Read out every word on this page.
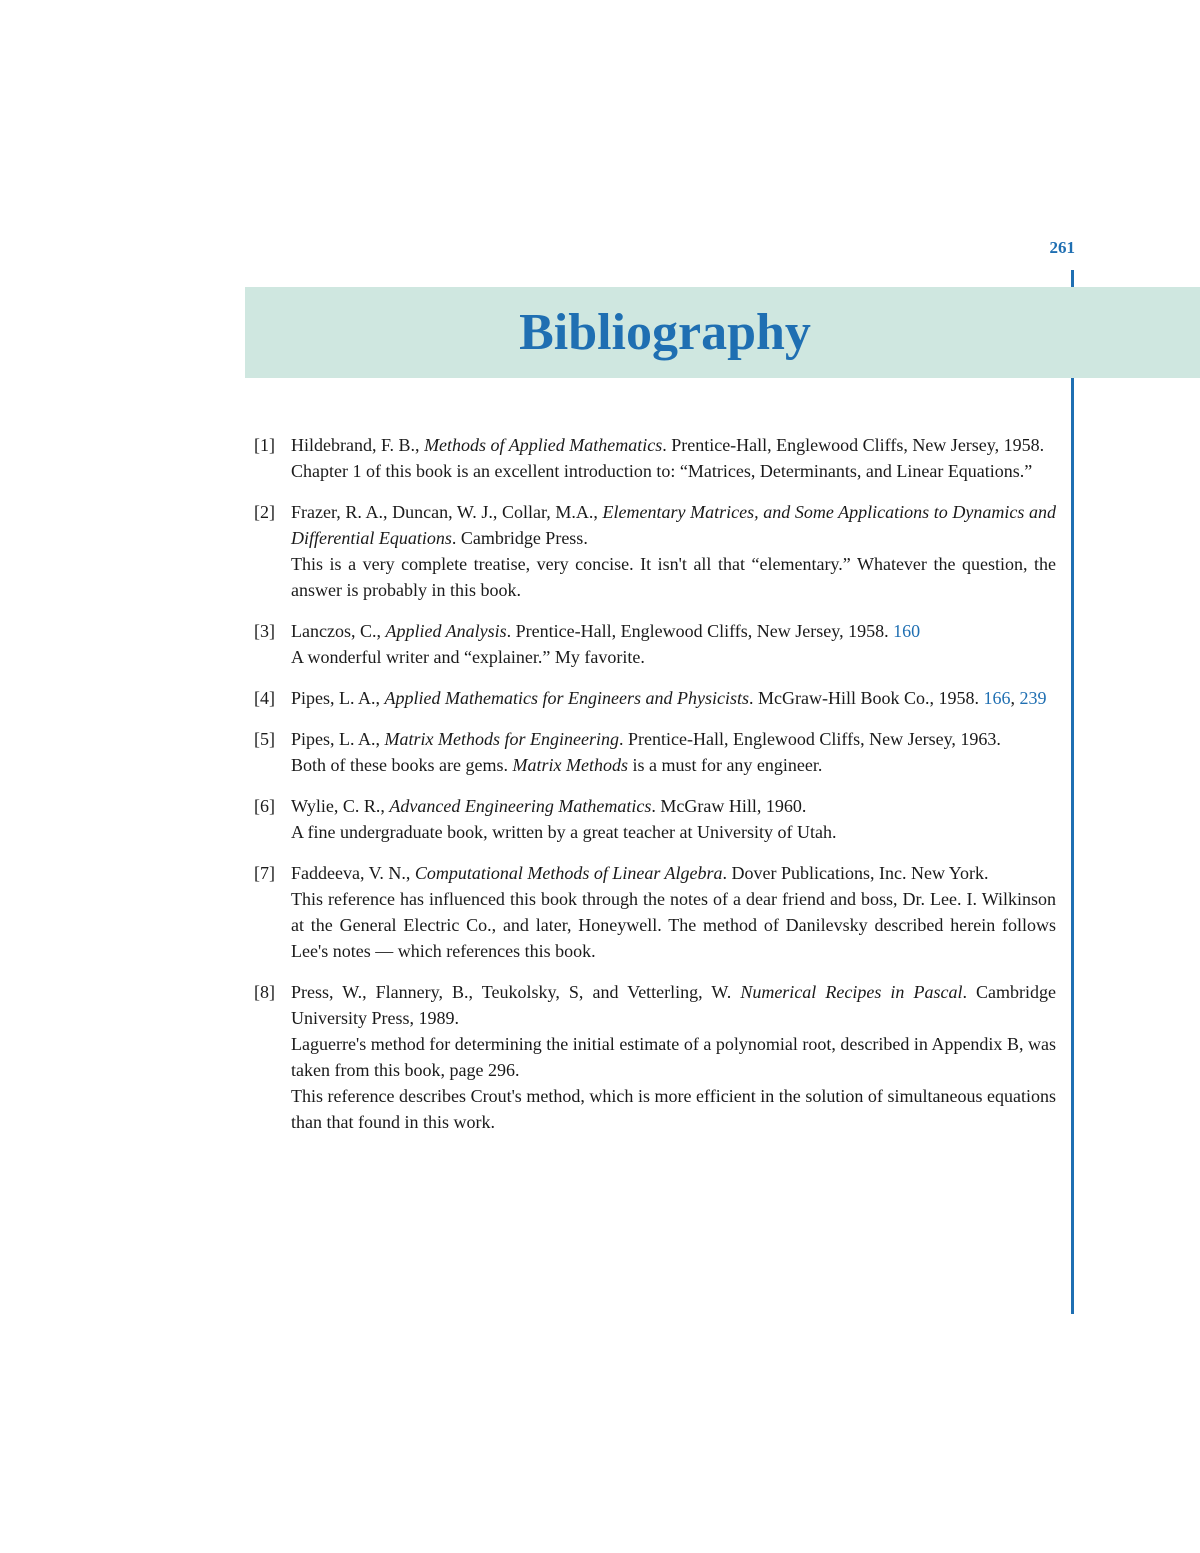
261
Bibliography
[1] Hildebrand, F. B., Methods of Applied Mathematics. Prentice-Hall, Englewood Cliffs, New Jersey, 1958.

Chapter 1 of this book is an excellent introduction to: “Matrices, Determinants, and Linear Equations.”

[2] Frazer, R. A., Duncan, W. J., Collar, M.A., Elementary Matrices, and Some Applications to Dynamics and Differential Equations. Cambridge Press.

This is a very complete treatise, very concise. It isn't all that “elementary.” Whatever the question, the answer is probably in this book.

[3] Lanczos, C., Applied Analysis. Prentice-Hall, Englewood Cliffs, New Jersey, 1958. 160

A wonderful writer and “explainer.” My favorite.

[4] Pipes, L. A., Applied Mathematics for Engineers and Physicists. McGraw-Hill Book Co., 1958. 166, 239

[5] Pipes, L. A., Matrix Methods for Engineering. Prentice-Hall, Englewood Cliffs, New Jersey, 1963.

Both of these books are gems. Matrix Methods is a must for any engineer.

[6] Wylie, C. R., Advanced Engineering Mathematics. McGraw Hill, 1960.

A fine undergraduate book, written by a great teacher at University of Utah.

[7] Faddeeva, V. N., Computational Methods of Linear Algebra. Dover Publications, Inc. New York.

This reference has influenced this book through the notes of a dear friend and boss, Dr. Lee. I. Wilkinson at the General Electric Co., and later, Honeywell. The method of Danilevsky described herein follows Lee's notes — which references this book.

[8] Press, W., Flannery, B., Teukolsky, S, and Vetterling, W. Numerical Recipes in Pascal. Cambridge University Press, 1989.

Laguerre's method for determining the initial estimate of a polynomial root, described in Appendix B, was taken from this book, page 296.

This reference describes Crout's method, which is more efficient in the solution of simultaneous equations than that found in this work.
